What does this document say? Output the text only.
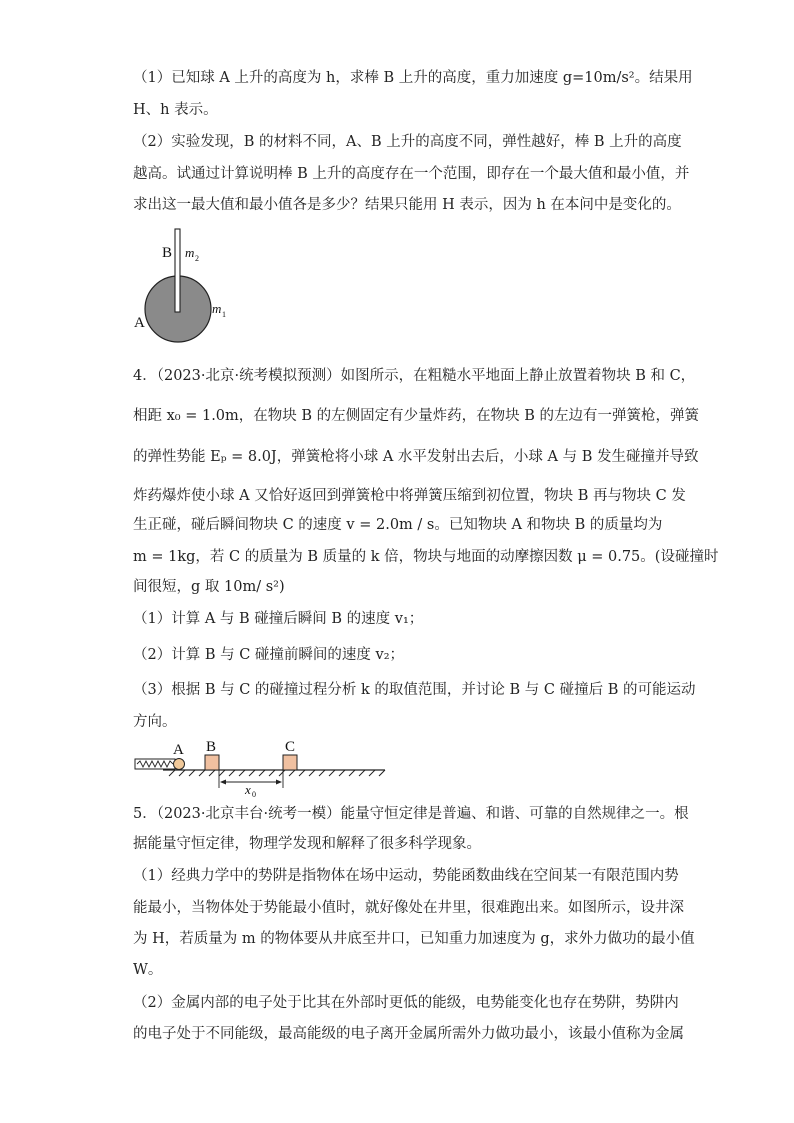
（1）已知球 A 上升的高度为 h，求棒 B 上升的高度，重力加速度 g=10m/s²。结果用
H、h 表示。
（2）实验发现，B 的材料不同，A、B 上升的高度不同，弹性越好，棒 B 上升的高度
越高。试通过计算说明棒 B 上升的高度存在一个范围，即存在一个最大值和最小值，并
求出这一最大值和最小值各是多少？结果只能用 H 表示，因为 h 在本问中是变化的。
B m 2
A
m 1
4．（2023·北京·统考模拟预测）如图所示，在粗糙水平地面上静止放置着物块 B 和 C，
相距 x₀ = 1.0m，在物块 B 的左侧固定有少量炸药，在物块 B 的左边有一弹簧枪，弹簧
的弹性势能 Eₚ = 8.0J，弹簧枪将小球 A 水平发射出去后，小球 A 与 B 发生碰撞并导致
炸药爆炸使小球 A 又恰好返回到弹簧枪中将弹簧压缩到初位置，物块 B 再与物块 C 发
生正碰，碰后瞬间物块 C 的速度 v = 2.0m / s。已知物块 A 和物块 B 的质量均为
m = 1kg，若 C 的质量为 B 质量的 k 倍，物块与地面的动摩擦因数 μ = 0.75。(设碰撞时
间很短，g 取 10m/ s²)
（1）计算 A 与 B 碰撞后瞬间 B 的速度 v₁；
（2）计算 B 与 C 碰撞前瞬间的速度 v₂；
（3）根据 B 与 C 的碰撞过程分析 k 的取值范围，并讨论 B 与 C 碰撞后 B 的可能运动
方向。
A B	C
x 0
5．（2023·北京丰台·统考一模）能量守恒定律是普遍、和谐、可靠的自然规律之一。根
据能量守恒定律，物理学发现和解释了很多科学现象。
（1）经典力学中的势阱是指物体在场中运动，势能函数曲线在空间某一有限范围内势
能最小，当物体处于势能最小值时，就好像处在井里，很难跑出来。如图所示，设井深
为 H，若质量为 m 的物体要从井底至井口，已知重力加速度为 g，求外力做功的最小值
W。
（2）金属内部的电子处于比其在外部时更低的能级，电势能变化也存在势阱，势阱内
的电子处于不同能级，最高能级的电子离开金属所需外力做功最小，该最小值称为金属
